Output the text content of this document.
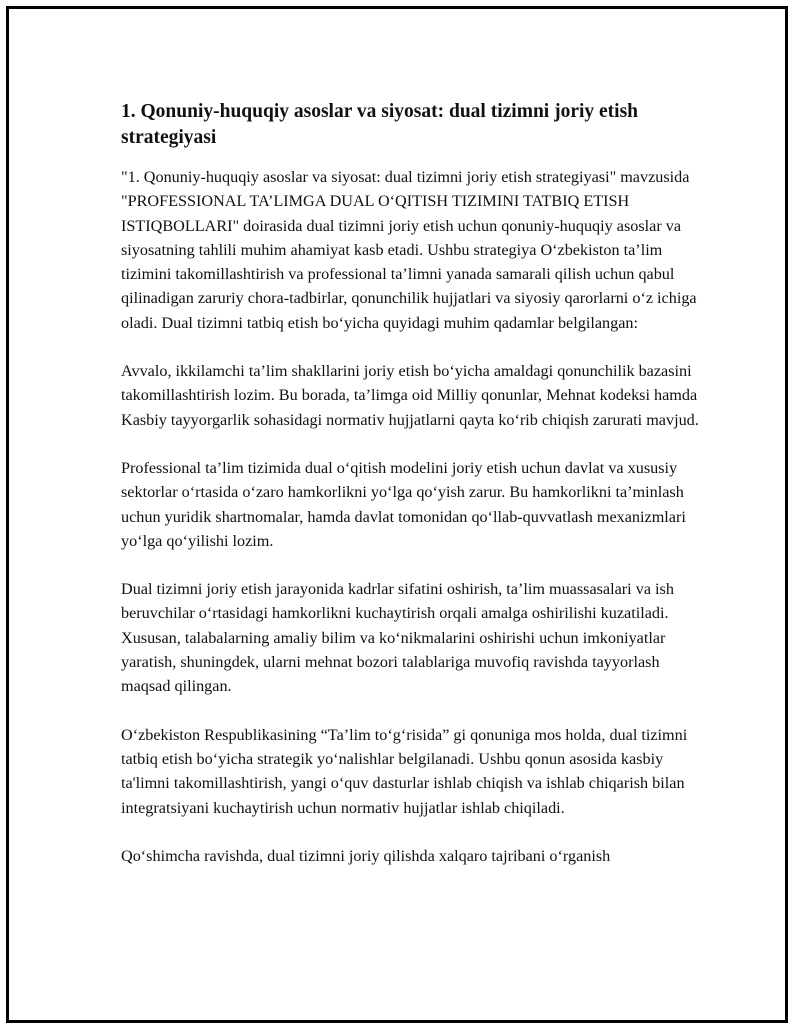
1. Qonuniy-huquqiy asoslar va siyosat: dual tizimni joriy etish strategiyasi

"1. Qonuniy-huquqiy asoslar va siyosat: dual tizimni joriy etish strategiyasi" mavzusida "PROFESSIONAL TA’LIMGA DUAL O‘QITISH TIZIMINI TATBIQ ETISH ISTIQBOLLARI" doirasida dual tizimni joriy etish uchun qonuniy-huquqiy asoslar va siyosatning tahlili muhim ahamiyat kasb etadi. Ushbu strategiya O‘zbekiston ta’lim tizimini takomillashtirish va professional ta’limni yanada samarali qilish uchun qabul qilinadigan zaruriy chora-tadbirlar, qonunchilik hujjatlari va siyosiy qarorlarni o‘z ichiga oladi. Dual tizimni tatbiq etish bo‘yicha quyidagi muhim qadamlar belgilangan:

Avvalo, ikkilamchi ta’lim shakllarini joriy etish bo‘yicha amaldagi qonunchilik bazasini takomillashtirish lozim. Bu borada, ta’limga oid Milliy qonunlar, Mehnat kodeksi hamda Kasbiy tayyorgarlik sohasidagi normativ hujjatlarni qayta ko‘rib chiqish zarurati mavjud.

Professional ta’lim tizimida dual o‘qitish modelini joriy etish uchun davlat va xususiy sektorlar o‘rtasida o‘zaro hamkorlikni yo‘lga qo‘yish zarur. Bu hamkorlikni ta’minlash uchun yuridik shartnomalar, hamda davlat tomonidan qo‘llab-quvvatlash mexanizmlari yo‘lga qo‘yilishi lozim.

Dual tizimni joriy etish jarayonida kadrlar sifatini oshirish, ta’lim muassasalari va ish beruvchilar o‘rtasidagi hamkorlikni kuchaytirish orqali amalga oshirilishi kuzatiladi. Xususan, talabalarning amaliy bilim va ko‘nikmalarini oshirishi uchun imkoniyatlar yaratish, shuningdek, ularni mehnat bozori talablariga muvofiq ravishda tayyorlash maqsad qilingan.

O‘zbekiston Respublikasining “Ta’lim to‘g‘risida” gi qonuniga mos holda, dual tizimni tatbiq etish bo‘yicha strategik yo‘nalishlar belgilanadi. Ushbu qonun asosida kasbiy ta'limni takomillashtirish, yangi o‘quv dasturlar ishlab chiqish va ishlab chiqarish bilan integratsiyani kuchaytirish uchun normativ hujjatlar ishlab chiqiladi.

Qo‘shimcha ravishda, dual tizimni joriy qilishda xalqaro tajribani o‘rganish
